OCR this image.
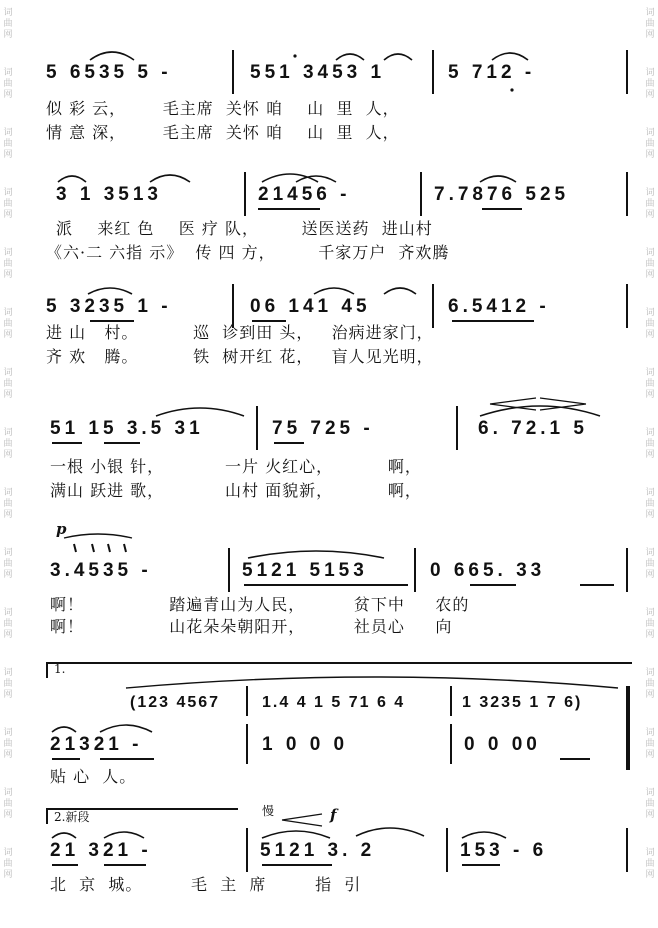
词
曲
网
词
曲
网
词
曲
网
词
曲
网
词
曲
网
词
曲
网
词
曲
网
词
曲
网
词
曲
网
词
曲
网
词
曲
网
词
曲
网
词
曲
网
词
曲
网
词
曲
网
词
曲
网
词
曲
网
词
曲
网
词
曲
网
词
曲
网
词
曲
网
词
曲
网
词
曲
网
词
曲
网
词
曲
网
词
曲
网
词
曲
网
词
曲
网
词
曲
网
词
曲
网
5 6535 5 -	551 3453 1	5 712 -
似 彩 云，      毛主席  关怀 咱    山  里  人，
情 意 深，      毛主席  关怀 咱    山  里  人，
3 1 3513	21456 -	7.7876 525
派    来红 色    医 疗 队，       送医送药  进山村
《六·二 六指 示》  传 四 方，       千家万户  齐欢腾
5 3235 1 -	06 141 45	6.5412 -
进 山   村。         巡  诊到田 头，   治病进家门，
齐 欢   腾。         铁  树开红 花，   盲人见光明，
51 15 3.5 31	75 725 -	6. 72.1 5
一根 小银 针，          一片 火红心，         啊，
满山 跃进 歌，          山村 面貌新，         啊，
p
3.4535 -	5121 5153	0 665. 33
啊！              踏遍青山为人民，        贫下中     农的
啊！              山花朵朵朝阳开，        社员心     向
1.
(123 4567	1.4 4 1 5 71 6 4	1 3235 1 7 6)
21321 -	1 0 0 0	0 0 00
贴 心  人。
2.新段	慢	f
21 321 -	5121 3. 2	153 - 6
北  京  城。        毛  主  席        指  引
